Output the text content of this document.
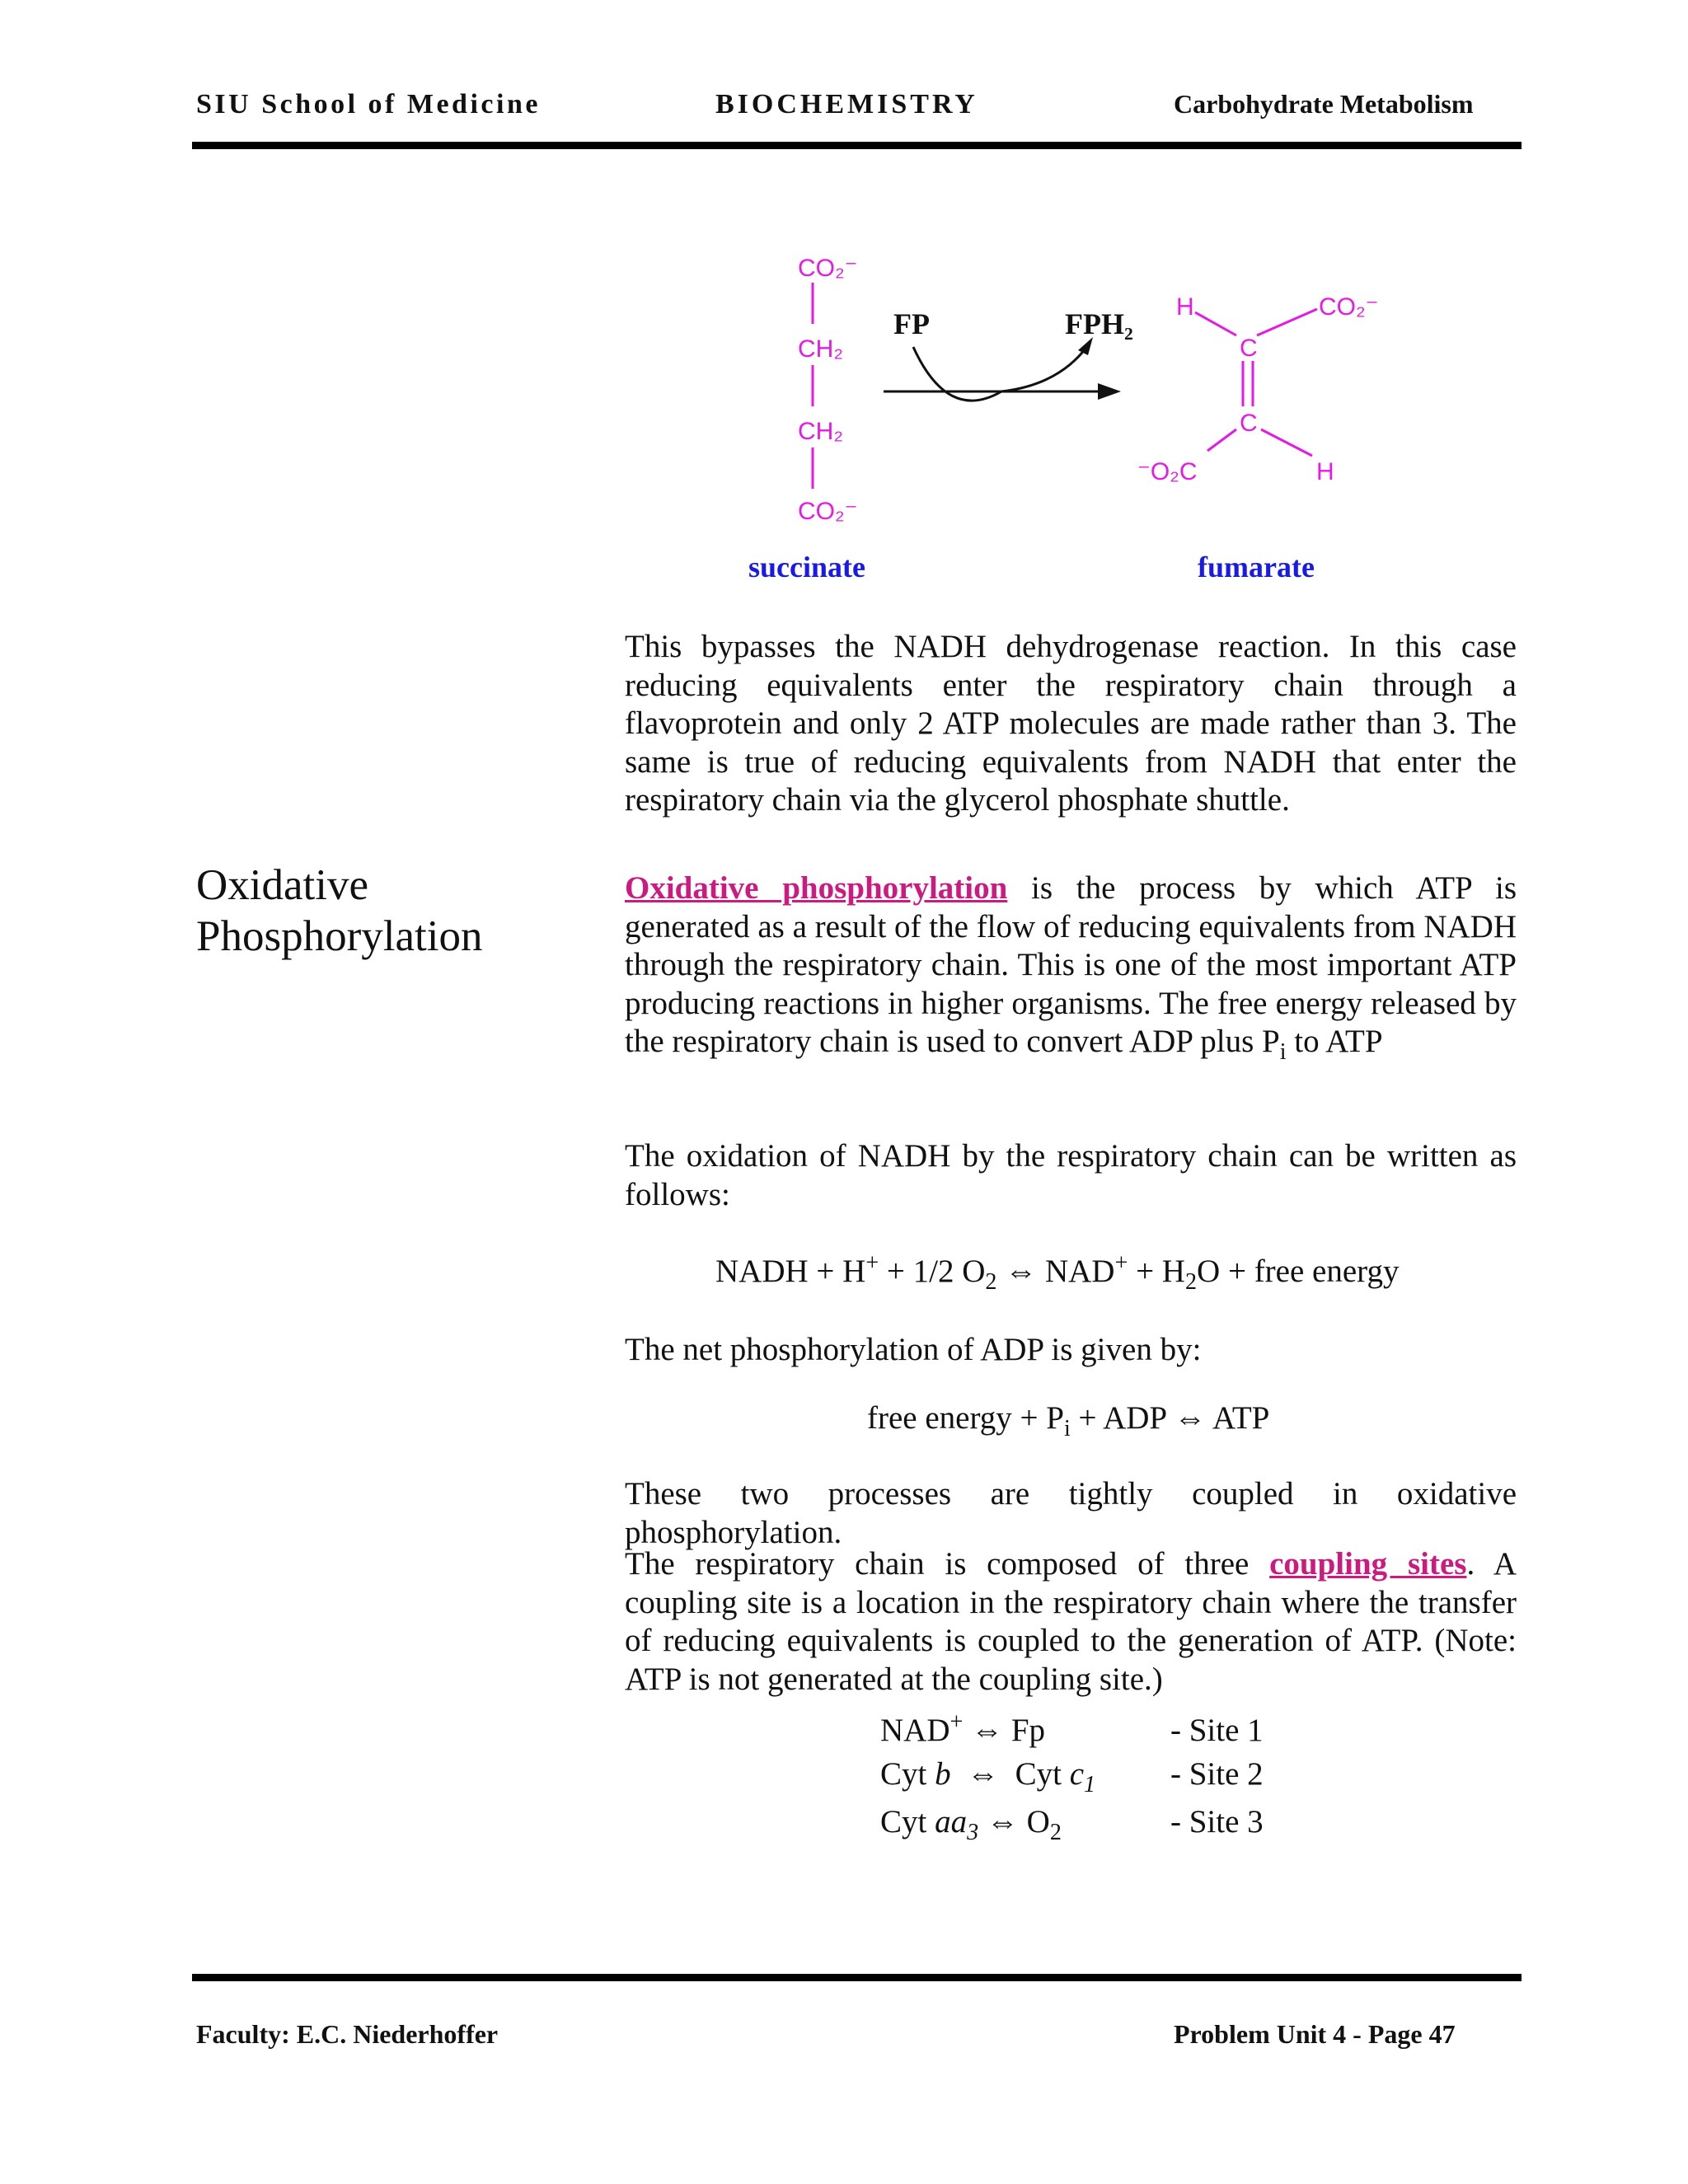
SIU School of Medicine	BIOCHEMISTRY	Carbohydrate Metabolism
CO₂⁻
CH₂
CH₂
CO₂⁻
succinate
FP	FPH₂
H	CO₂⁻
C
C
⁻O₂C	H
fumarate

This bypasses the NADH dehydrogenase reaction. In this case reducing equivalents enter the respiratory chain through a flavoprotein and only 2 ATP molecules are made rather than 3. The same is true of reducing equivalents from NADH that enter the respiratory chain via the glycerol phosphate shuttle.

Oxidative Phosphorylation

Oxidative phosphorylation is the process by which ATP is generated as a result of the flow of reducing equivalents from NADH through the respiratory chain. This is one of the most important ATP producing reactions in higher organisms. The free energy released by the respiratory chain is used to convert ADP plus $P_i$ to ATP

The oxidation of NADH by the respiratory chain can be written as follows:

NADH + H+ + 1/2 $O_2$ ⇔ $NAD^+ + H_2O$ + free energy

The net phosphorylation of ADP is given by:

free energy + $P_i$ + ADP ⇔ ATP

These two processes are tightly coupled in oxidative phosphorylation.

The respiratory chain is composed of three coupling sites. A coupling site is a location in the respiratory chain where the transfer of reducing equivalents is coupled to the generation of ATP. (Note: ATP is not generated at the coupling site.)

NAD+ ⇔ Fp	- Site 1
Cyt b  ⇔  Cyt $c_1$ - Site 2
Cyt $aa_3$ ⇔ $O_2$	- Site 3
Faculty: E.C. Niederhoffer	Problem Unit 4 - Page 47
